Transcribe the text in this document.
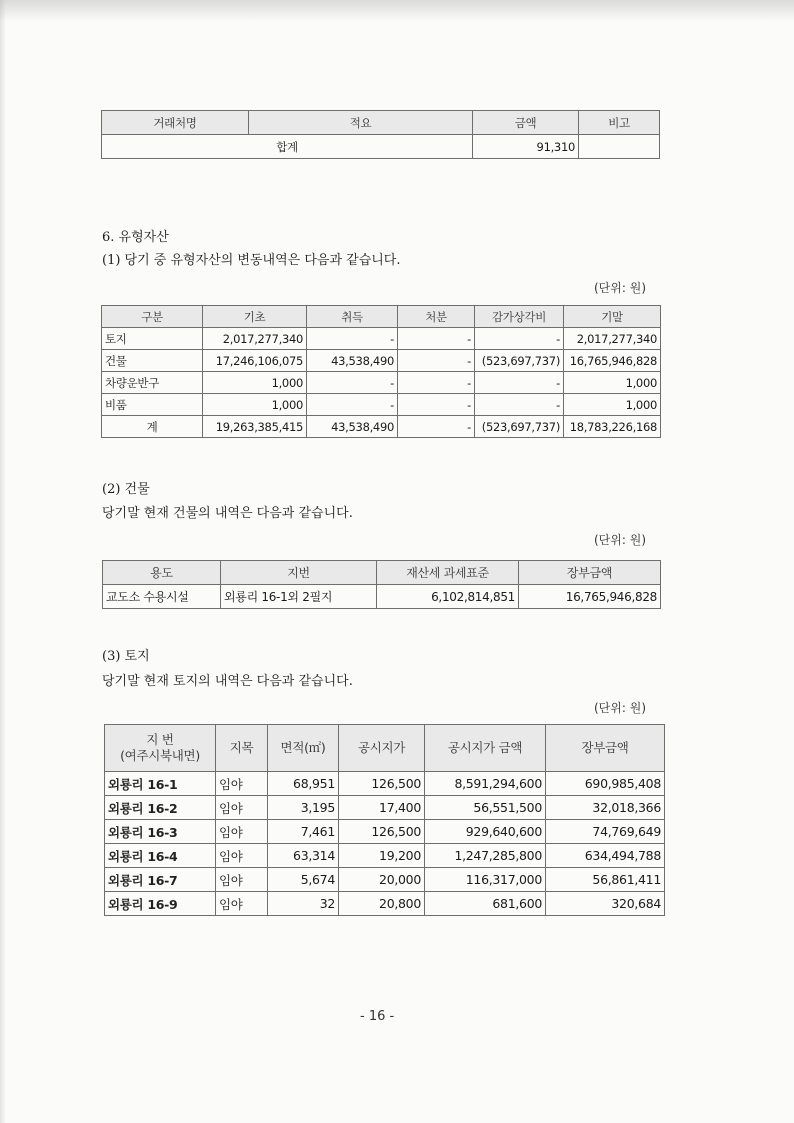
거래처명	적요	금액	비고
합계		91,310	
6. 유형자산
(1) 당기 중 유형자산의 변동내역은 다음과 같습니다.
(단위: 원)
구분	기초	취득	처분	감가상각비	기말
토지	2,017,277,340	-	-	-	2,017,277,340
건물	17,246,106,075	43,538,490	-	(523,697,737)	16,765,946,828
차량운반구	1,000	-	-	-	1,000
비품	1,000	-	-	-	1,000
계	19,263,385,415	43,538,490	-	(523,697,737)	18,783,226,168
(2) 건물
당기말 현재 건물의 내역은 다음과 같습니다.
(단위: 원)
용도	지번	재산세 과세표준	장부금액
교도소 수용시설	외룡리 16-1외 2필지	6,102,814,851	16,765,946,828
(3) 토지
당기말 현재 토지의 내역은 다음과 같습니다.
(단위: 원)
지 번
(여주시북내면)	지목	면적(㎡)	공시지가	공시지가 금액	장부금액
외룡리 16-1	임야	68,951	126,500	8,591,294,600	690,985,408
외룡리 16-2	임야	3,195	17,400	56,551,500	32,018,366
외룡리 16-3	임야	7,461	126,500	929,640,600	74,769,649
외룡리 16-4	임야	63,314	19,200	1,247,285,800	634,494,788
외룡리 16-7	임야	5,674	20,000	116,317,000	56,861,411
외룡리 16-9	임야	32	20,800	681,600	320,684
- 16 -
